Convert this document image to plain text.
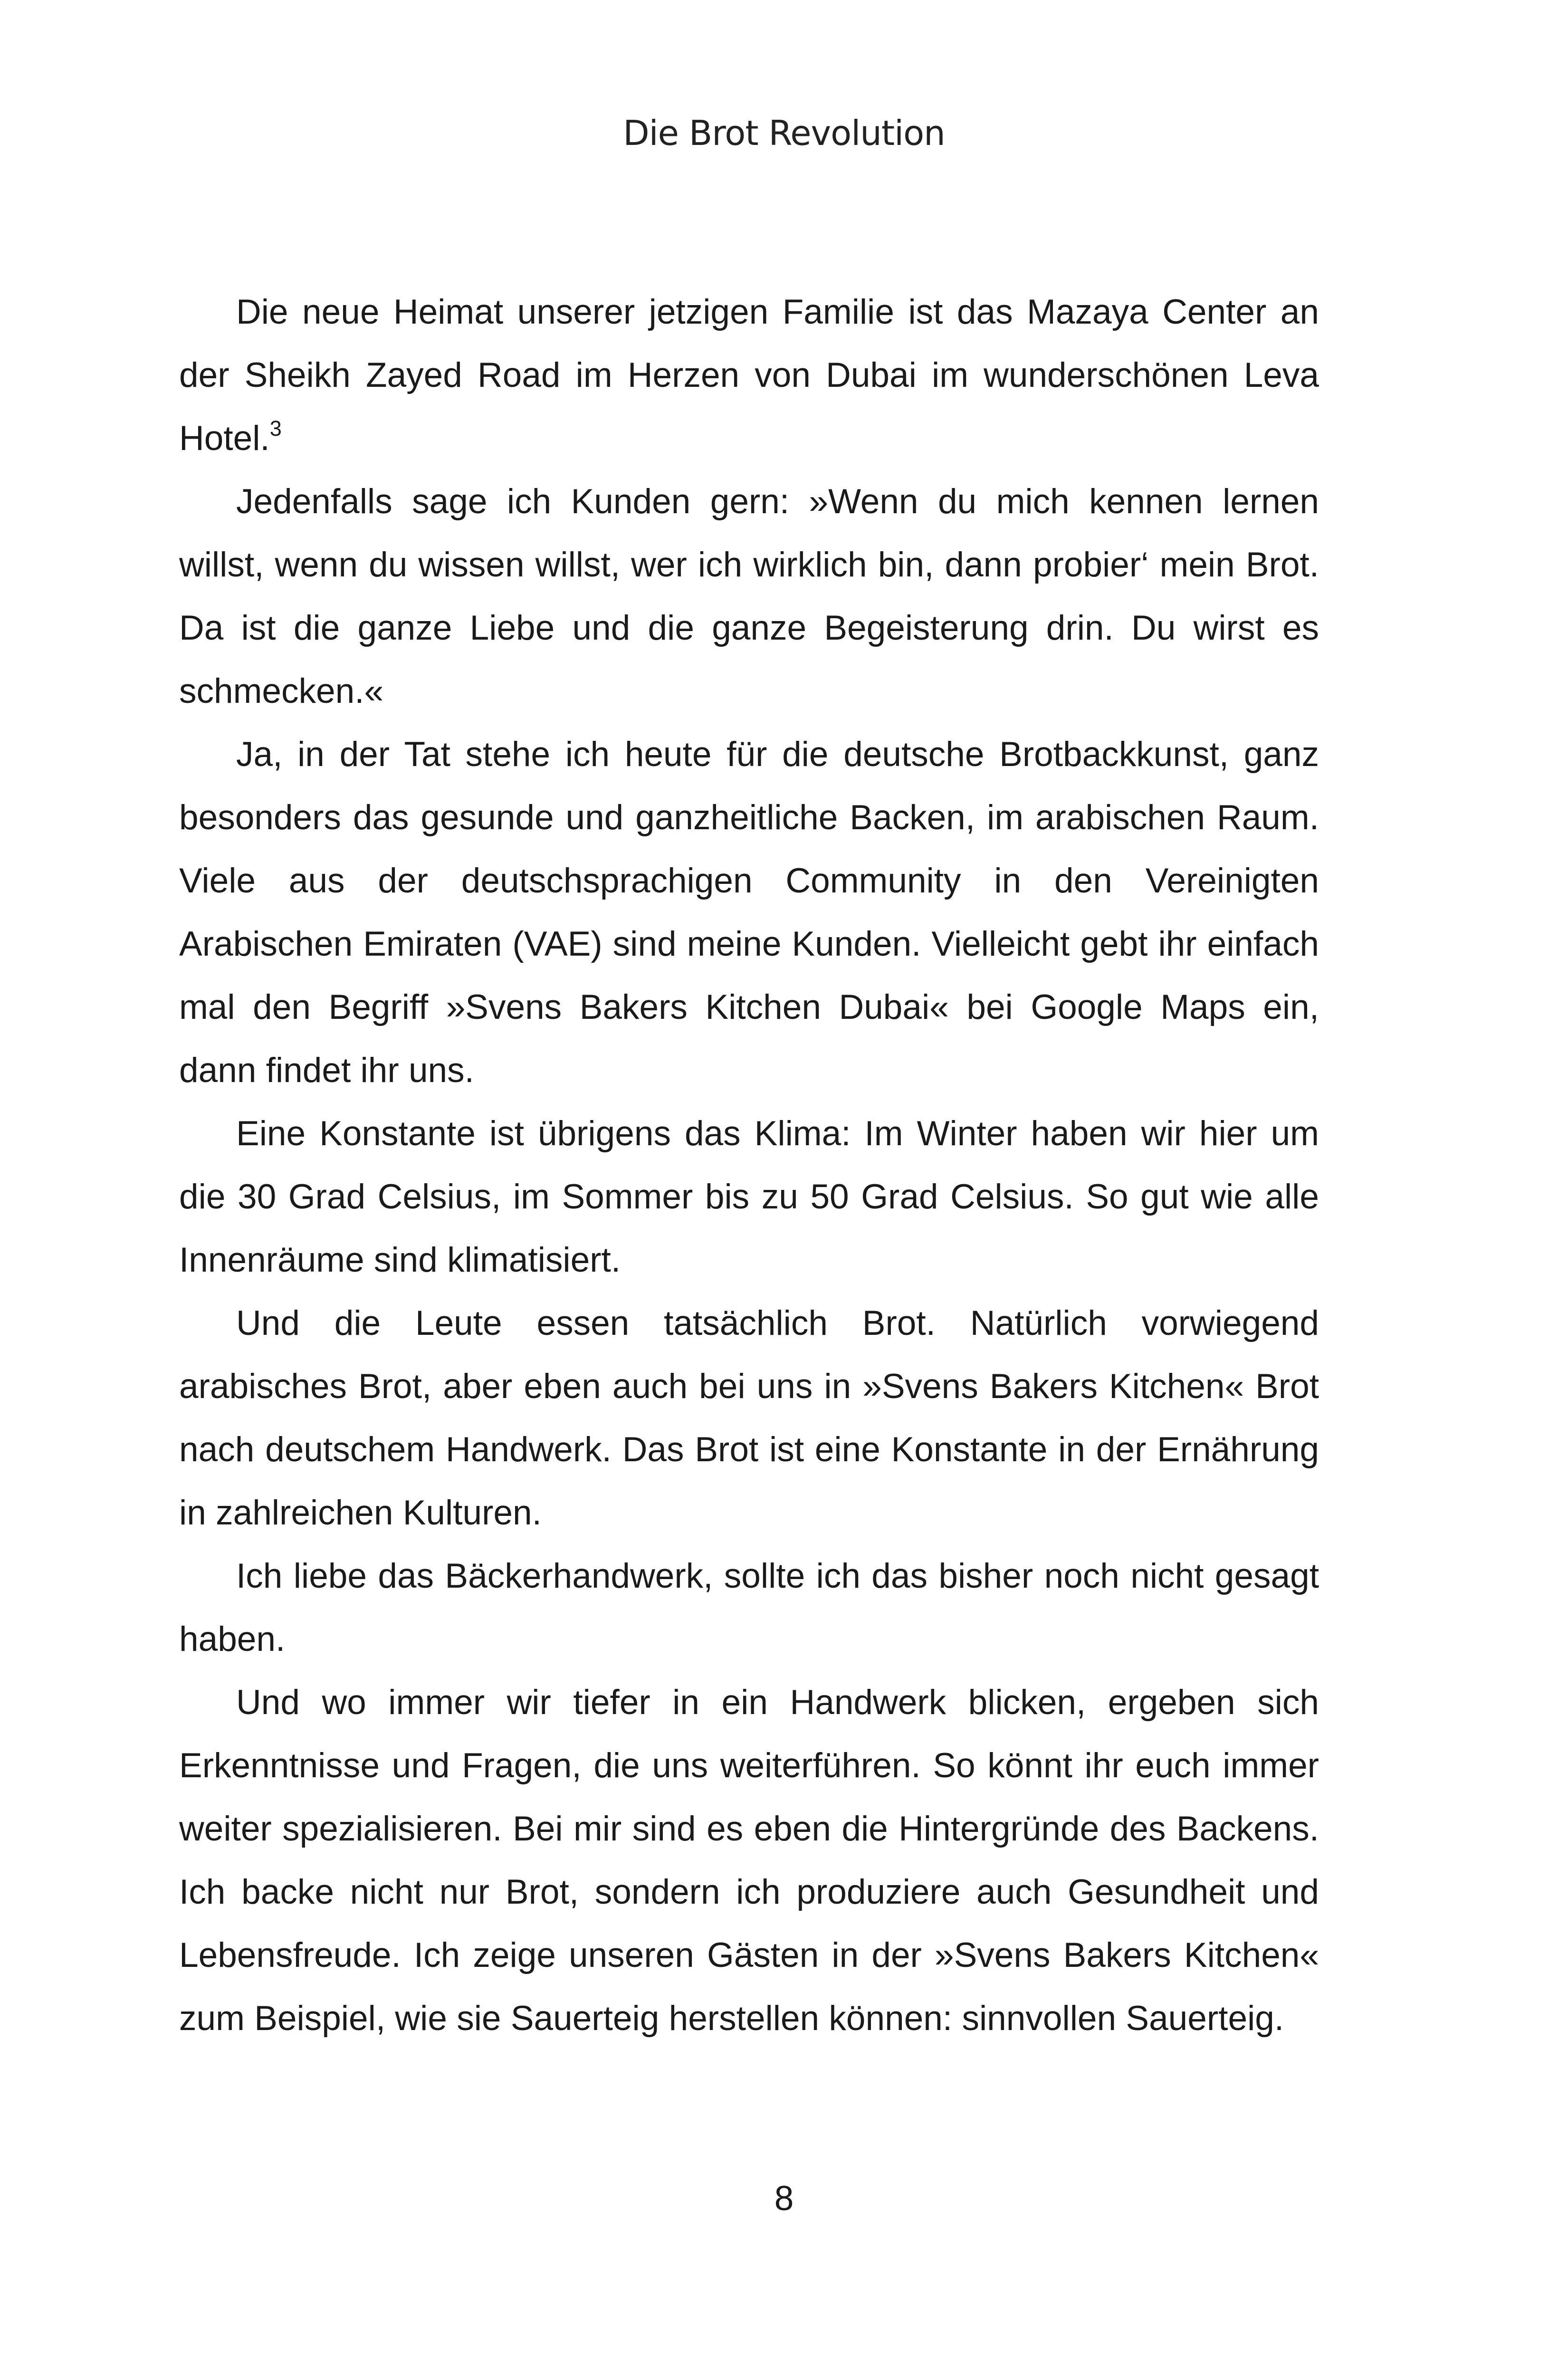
Die Brot Revolution

Die neue Heimat unserer jetzigen Familie ist das Mazaya Center an der Sheikh Zayed Road im Herzen von Dubai im wunderschönen Leva Hotel.$^3$

Jedenfalls sage ich Kunden gern: »Wenn du mich kennen lernen willst, wenn du wissen willst, wer ich wirklich bin, dann probier‘ mein Brot. Da ist die ganze Liebe und die ganze Begeisterung drin. Du wirst es schmecken.«

Ja, in der Tat stehe ich heute für die deutsche Brotbackkunst, ganz besonders das gesunde und ganzheitliche Backen, im arabischen Raum. Viele aus der deutschsprachigen Community in den Vereinigten Arabischen Emiraten (VAE) sind meine Kunden. Vielleicht gebt ihr einfach mal den Begriff »Svens Bakers Kitchen Dubai« bei Google Maps ein, dann findet ihr uns.

Eine Konstante ist übrigens das Klima: Im Winter haben wir hier um die 30 Grad Celsius, im Sommer bis zu 50 Grad Celsius. So gut wie alle Innenräume sind klimatisiert.

Und die Leute essen tatsächlich Brot. Natürlich vorwiegend arabisches Brot, aber eben auch bei uns in »Svens Bakers Kitchen« Brot nach deutschem Handwerk. Das Brot ist eine Konstante in der Ernährung in zahlreichen Kulturen.

Ich liebe das Bäckerhandwerk, sollte ich das bisher noch nicht gesagt haben.

Und wo immer wir tiefer in ein Handwerk blicken, ergeben sich Erkenntnisse und Fragen, die uns weiterführen. So könnt ihr euch immer weiter spezialisieren. Bei mir sind es eben die Hintergründe des Backens. Ich backe nicht nur Brot, sondern ich produziere auch Gesundheit und Lebensfreude. Ich zeige unseren Gästen in der »Svens Bakers Kitchen« zum Beispiel, wie sie Sauerteig herstellen können: sinnvollen Sauerteig.

8
